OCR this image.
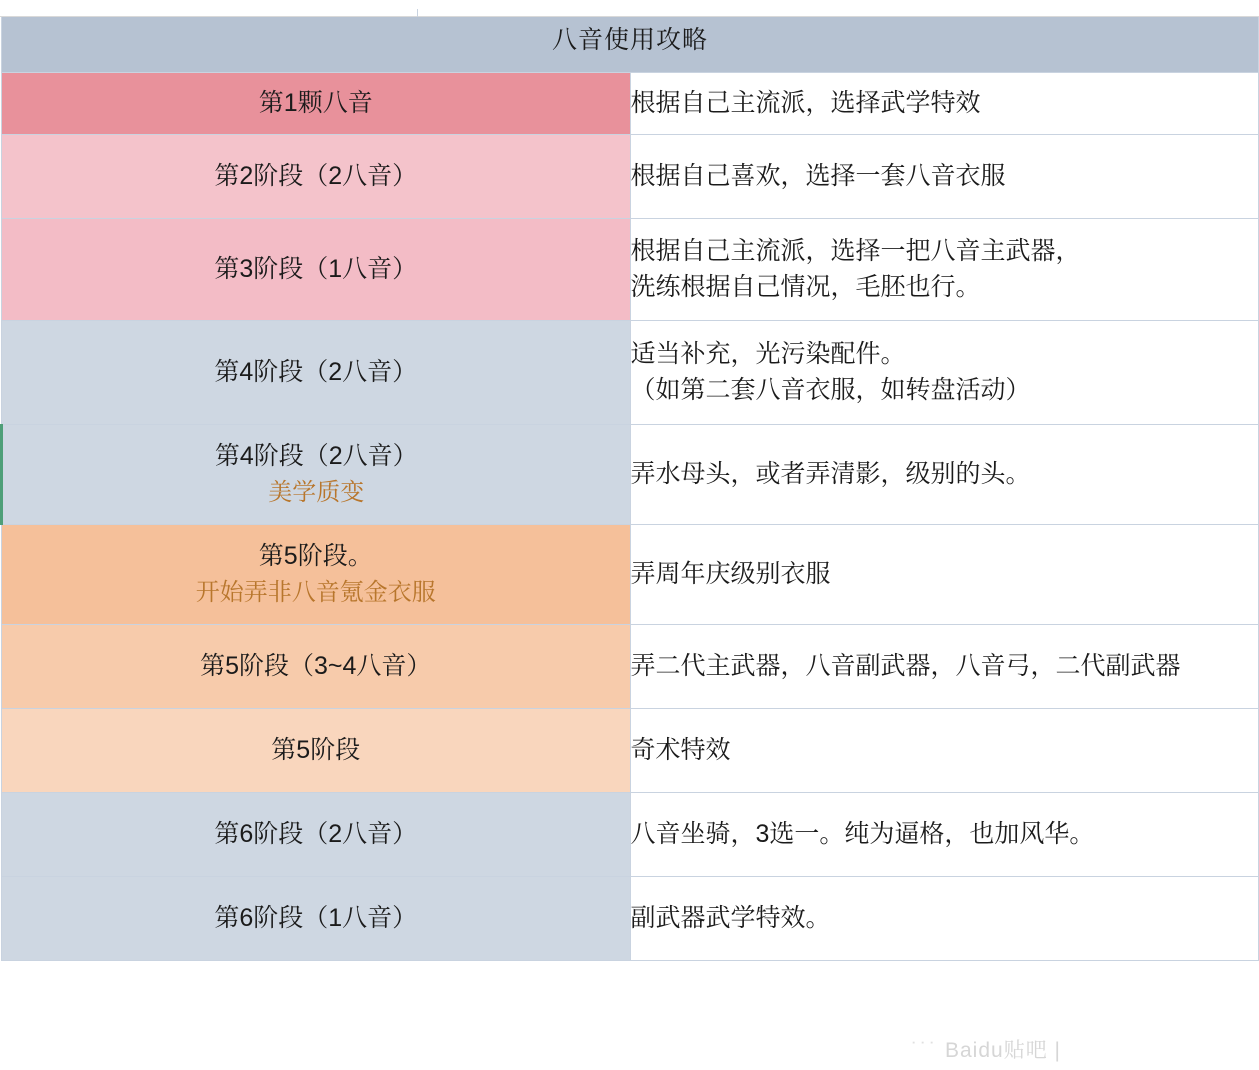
八音使用攻略	
第1颗八音	根据自己主流派，选择武学特效

第2阶段（2八音）	根据自己喜欢，选择一套八音衣服

第3阶段（1八音）	根据自己主流派，选择一把八音主武器，
洗练根据自己情况，毛胚也行。

第4阶段（2八音）	适当补充，光污染配件。
（如第二套八音衣服，如转盘活动）

第4阶段（2八音）
美学质变	弄水母头，或者弄清影，级别的头。

第5阶段。
开始弄非八音氪金衣服	弄周年庆级别衣服

第5阶段（3~4八音）	弄二代主武器，八音副武器，八音弓，二代副武器

第5阶段	奇术特效

第6阶段（2八音）	八音坐骑，3选一。纯为逼格，也加风华。

第6阶段（1八音）	副武器武学特效。
˙˙˙ Baidu贴吧 |
